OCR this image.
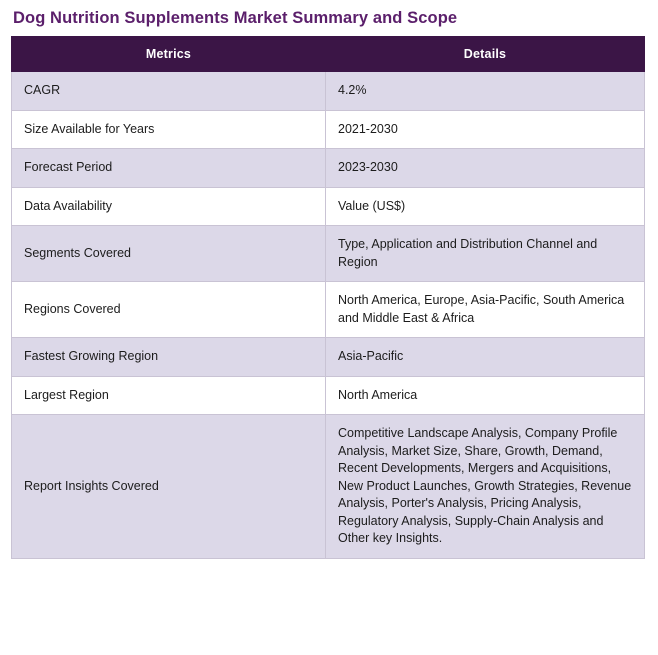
Dog Nutrition Supplements Market Summary and Scope
Metrics	Details
CAGR	4.2%
Size Available for Years	2021-2030
Forecast Period	2023-2030
Data Availability	Value (US$)
Segments Covered	Type, Application and Distribution Channel and Region
Regions Covered	North America, Europe, Asia-Pacific, South America and Middle East & Africa
Fastest Growing Region	Asia-Pacific
Largest Region	North America
Report Insights Covered	Competitive Landscape Analysis, Company Profile Analysis, Market Size, Share, Growth, Demand, Recent Developments, Mergers and Acquisitions, New Product Launches, Growth Strategies, Revenue Analysis, Porter's Analysis, Pricing Analysis, Regulatory Analysis, Supply-Chain Analysis and Other key Insights.
